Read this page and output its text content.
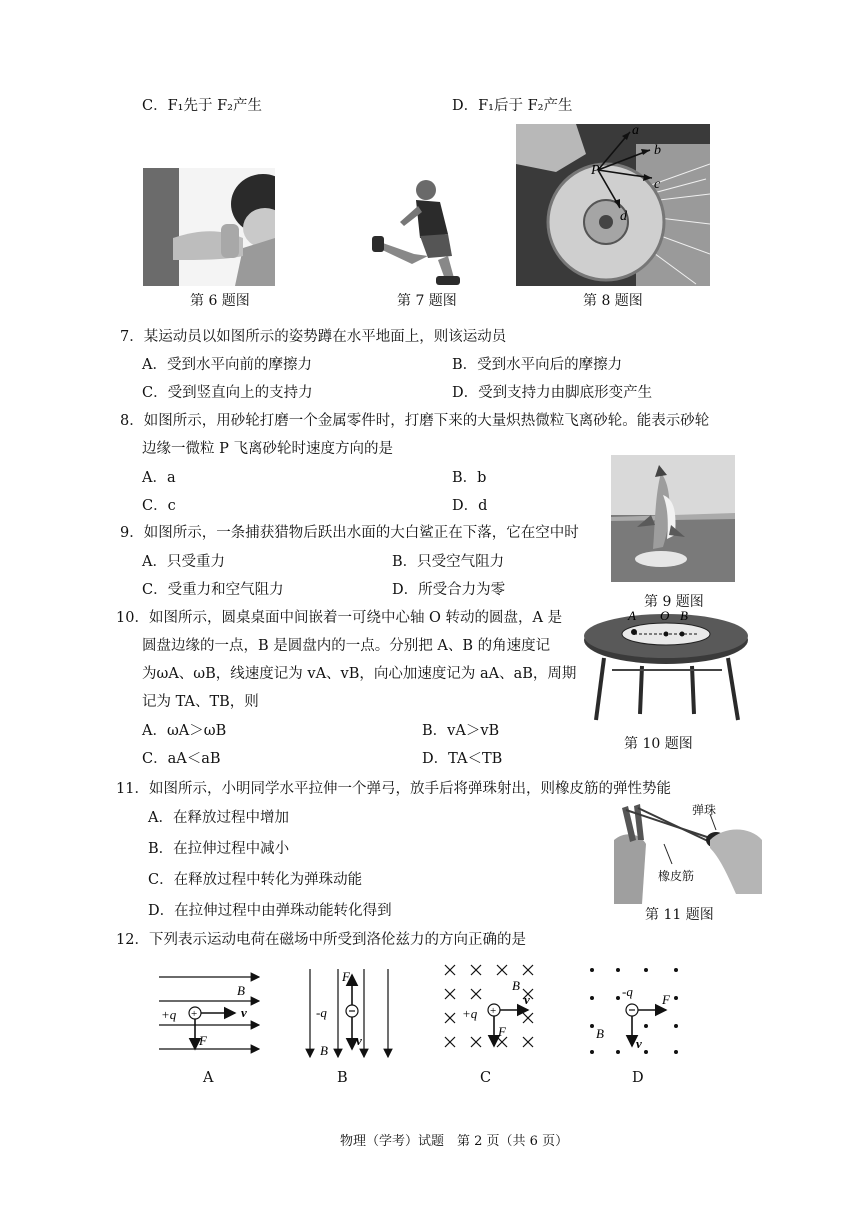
C．F₁先于 F₂产生	D．F₁后于 F₂产生
第 6 题图	第 7 题图
P
a
b
c
d
第 8 题图
7．某运动员以如图所示的姿势蹲在水平地面上，则该运动员
A．受到水平向前的摩擦力	B．受到水平向后的摩擦力
C．受到竖直向上的支持力	D．受到支持力由脚底形变产生
8．如图所示，用砂轮打磨一个金属零件时，打磨下来的大量炽热微粒飞离砂轮。能表示砂轮
边缘一微粒 P 飞离砂轮时速度方向的是
A．a	B．b
C．c	D．d
9．如图所示，一条捕获猎物后跃出水面的大白鲨正在下落，它在空中时
A．只受重力	B．只受空气阻力
C．受重力和空气阻力	D．所受合力为零
第 9 题图
A O B
10．如图所示，圆桌桌面中间嵌着一可绕中心轴 O 转动的圆盘，A 是
圆盘边缘的一点，B 是圆盘内的一点。分别把 A、B 的角速度记
为ωA、ωB，线速度记为 vA、vB，向心加速度记为 aA、aB，周期
记为 TA、TB，则
A．ωA＞ωB	B．vA＞vB
C．aA＜aB	D．TA＜TB
第 10 题图
11．如图所示，小明同学水平拉伸一个弹弓，放手后将弹珠射出，则橡皮筋的弹性势能
A．在释放过程中增加
B．在拉伸过程中减小
C．在释放过程中转化为弹珠动能
D．在拉伸过程中由弹珠动能转化得到
弹珠
橡皮筋
第 11 题图
12．下列表示运动电荷在磁场中所受到洛伦兹力的方向正确的是
B
+
+q	v
F
A
B
-q
F
v
B
B
+
+q
v
F
C
-q
F
v
B
D
物理（学考）试题　第 2 页（共 6 页）
